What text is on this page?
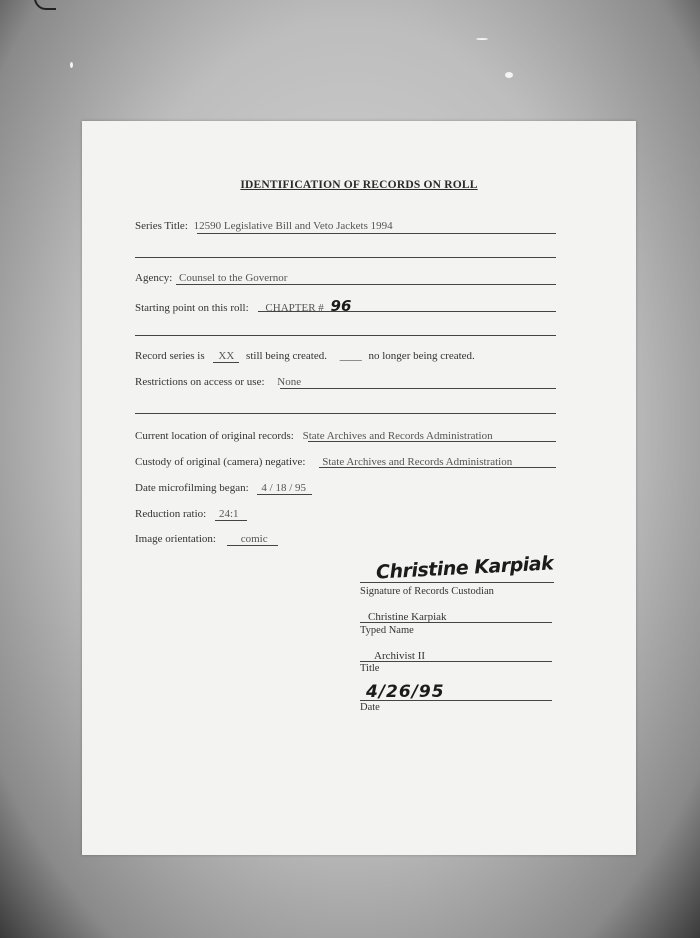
IDENTIFICATION OF RECORDS ON ROLL
Series Title: 12590 Legislative Bill and Veto Jackets 1994
Agency: Counsel to the Governor
Starting point on this roll: CHAPTER # 96
Record series is XX still being created. ____ no longer being created.
Restrictions on access or use: None
Current location of original records: State Archives and Records Administration
Custody of original (camera) negative: State Archives and Records Administration
Date microfilming began: 4 / 18 / 95
Reduction ratio: 24:1
Image orientation: comic
Christine Karpiak
Signature of Records Custodian
Christine Karpiak
Typed Name
Archivist II
Title
4/26/95
Date
